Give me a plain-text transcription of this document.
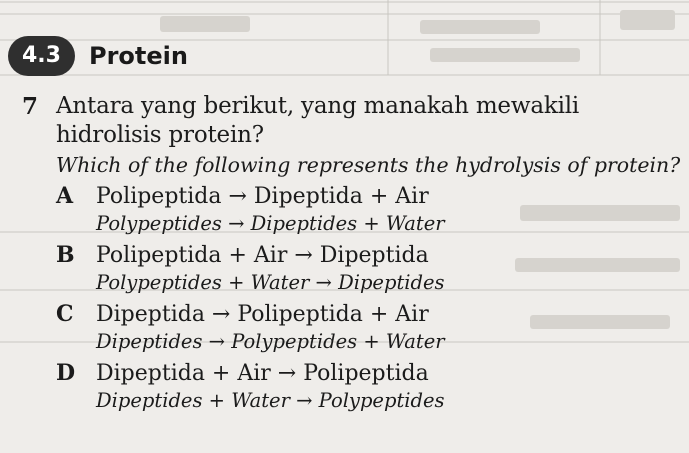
4.3	Protein
7 Antara yang berikut, yang manakah mewakili hidrolisis protein?
Which of the following represents the hydrolysis of protein?
A	Polipeptida → Dipeptida + Air
Polypeptides → Dipeptides + Water
B Polipeptida + Air → Dipeptida
Polypeptides + Water → Dipeptides
C	Dipeptida → Polipeptida + Air
Dipeptides → Polypeptides + Water
D Dipeptida + Air → Polipeptida
Dipeptides + Water → Polypeptides
